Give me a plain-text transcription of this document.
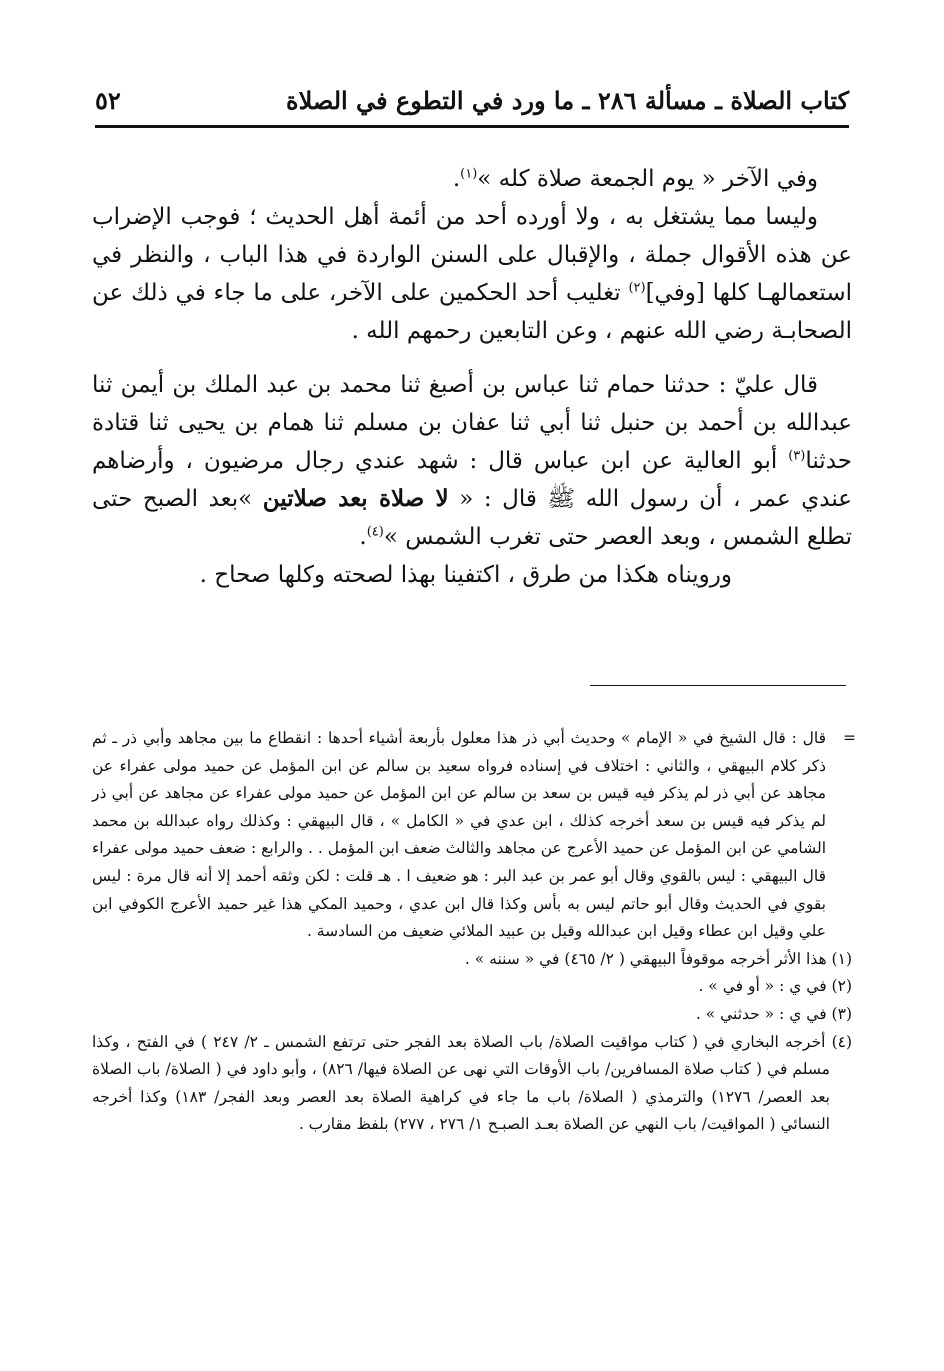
كتاب الصلاة ـ مسألة ٢٨٦ ـ ما ورد في التطوع في الصلاة
٥٢

وفي الآخر « يوم الجمعة صلاة كله »$^{(١)}$.

وليسا مما يشتغل به ، ولا أورده أحد من أئمة أهل الحديث ؛ فوجب الإضراب عن هذه الأقوال جملة ، والإقبال على السنن الواردة في هذا الباب ، والنظر في استعمالهـا كلها [وفي]$^{(٢)}$ تغليب أحد الحكمين على الآخر، على ما جاء في ذلك عن الصحابـة رضي الله عنهم ، وعن التابعين رحمهم الله .

قال عليّ : حدثنا حمام ثنا عباس بن أصبغ ثنا محمد بن عبد الملك بن أيمن ثنا عبدالله بن أحمد بن حنبل ثنا أبي ثنا عفان بن مسلم ثنا همام بن يحيى ثنا قتادة حدثنا$^{(٣)}$ أبو العالية عن ابن عباس قال : شهد عندي رجال مرضيون ، وأرضاهم عندي عمر ، أن رسول الله ﷺ قال : « لا صلاة بعد صلاتين »بعد الصبح حتى تطلع الشمس ، وبعد العصر حتى تغرب الشمس »$^{(٤)}$.

ورويناه هكذا من طرق ، اكتفينا بهذا لصحته وكلها صحاح .

=
قال : قال الشيخ في « الإمام » وحديث أبي ذر هذا معلول بأربعة أشياء أحدها : انقطاع ما بين مجاهد وأبي ذر ـ ثم ذكر كلام البيهقي ، والثاني : اختلاف في إسناده فرواه سعيد بن سالم عن ابن المؤمل عن حميد مولى عفراء عن مجاهد عن أبي ذر لم يذكر فيه قيس بن سعد بن سالم عن ابن المؤمل عن حميد مولى عفراء عن مجاهد عن أبي ذر لم يذكر فيه قيس بن سعد أخرجه كذلك ، ابن عدي في « الكامل » ، قال البيهقي : وكذلك رواه عبدالله بن محمد الشامي عن ابن المؤمل عن حميد الأعرج عن مجاهد والثالث ضعف ابن المؤمل . . والرابع : ضعف حميد مولى عفراء قال البيهقي : ليس بالقوي وقال أبو عمر بن عبد البر : هو ضعيف ا . هـ قلت : لكن وثقه أحمد إلا أنه قال مرة : ليس بقوي في الحديث وقال أبو حاتم ليس به بأس وكذا قال ابن عدي ، وحميد المكي هذا غير حميد الأعرج الكوفي ابن علي وقيل ابن عطاء وقيل ابن عبدالله وقيل بن عبيد الملائي ضعيف من السادسة .

(١) هذا الأثر أخرجه موقوفاً البيهقي ( ٢/ ٤٦٥) في « سننه » .

(٢) في ي : « أو في » .

(٣) في ي : « حدثني » .

(٤) أخرجه البخاري في ( كتاب مواقيت الصلاة/ باب الصلاة بعد الفجر حتى ترتفع الشمس ـ ٢/ ٢٤٧ ) في الفتح ، وكذا مسلم في ( كتاب صلاة المسافرين/ باب الأوقات التي نهى عن الصلاة فيها/ ٨٢٦) ، وأبو داود في ( الصلاة/ باب الصلاة بعد العصر/ ١٢٧٦) والترمذي ( الصلاة/ باب ما جاء في كراهية الصلاة بعد العصر وبعد الفجر/ ١٨٣) وكذا أخرجه النسائي ( المواقيت/ باب النهي عن الصلاة بعـد الصبـح ١/ ٢٧٦ ، ٢٧٧) بلفظ مقارب .
